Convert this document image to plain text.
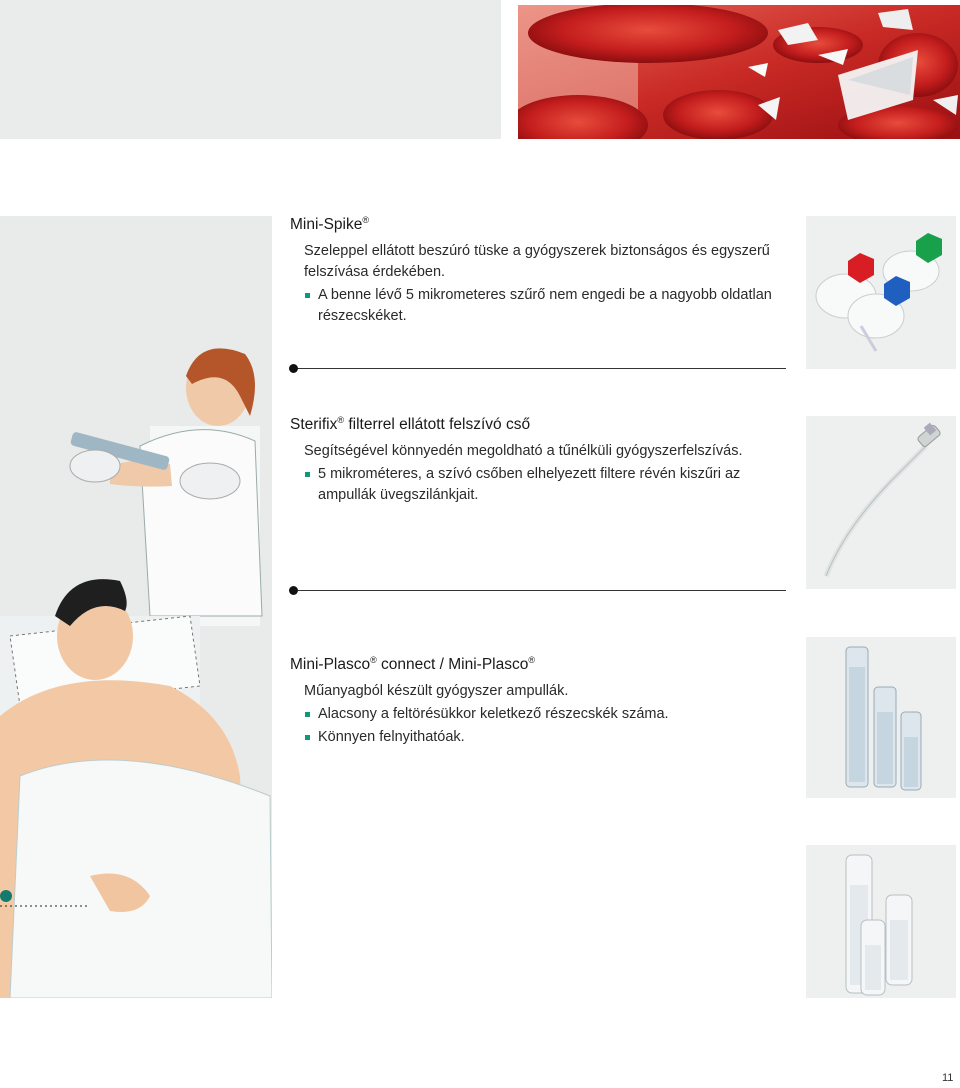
Mini-Spike®

Szeleppel ellátott beszúró tüske a gyógyszerek biztonságos és egyszerű felszívása érdekében.

A benne lévő 5 mikrometeres szűrő nem engedi be a nagyobb oldatlan részecskéket.

Sterifix® filterrel ellátott felszívó cső

Segítségével könnyedén megoldható a tűnélküli gyógyszerfelszívás.

5 mikrométeres, a szívó csőben elhelyezett filtere révén kiszűri az ampullák üvegszilánkjait.

Mini-Plasco® connect / Mini-Plasco®

Műanyagból készült gyógyszer ampullák.

Alacsony a feltörésükkor keletkező részecskék száma.

Könnyen felnyithatóak.

11
